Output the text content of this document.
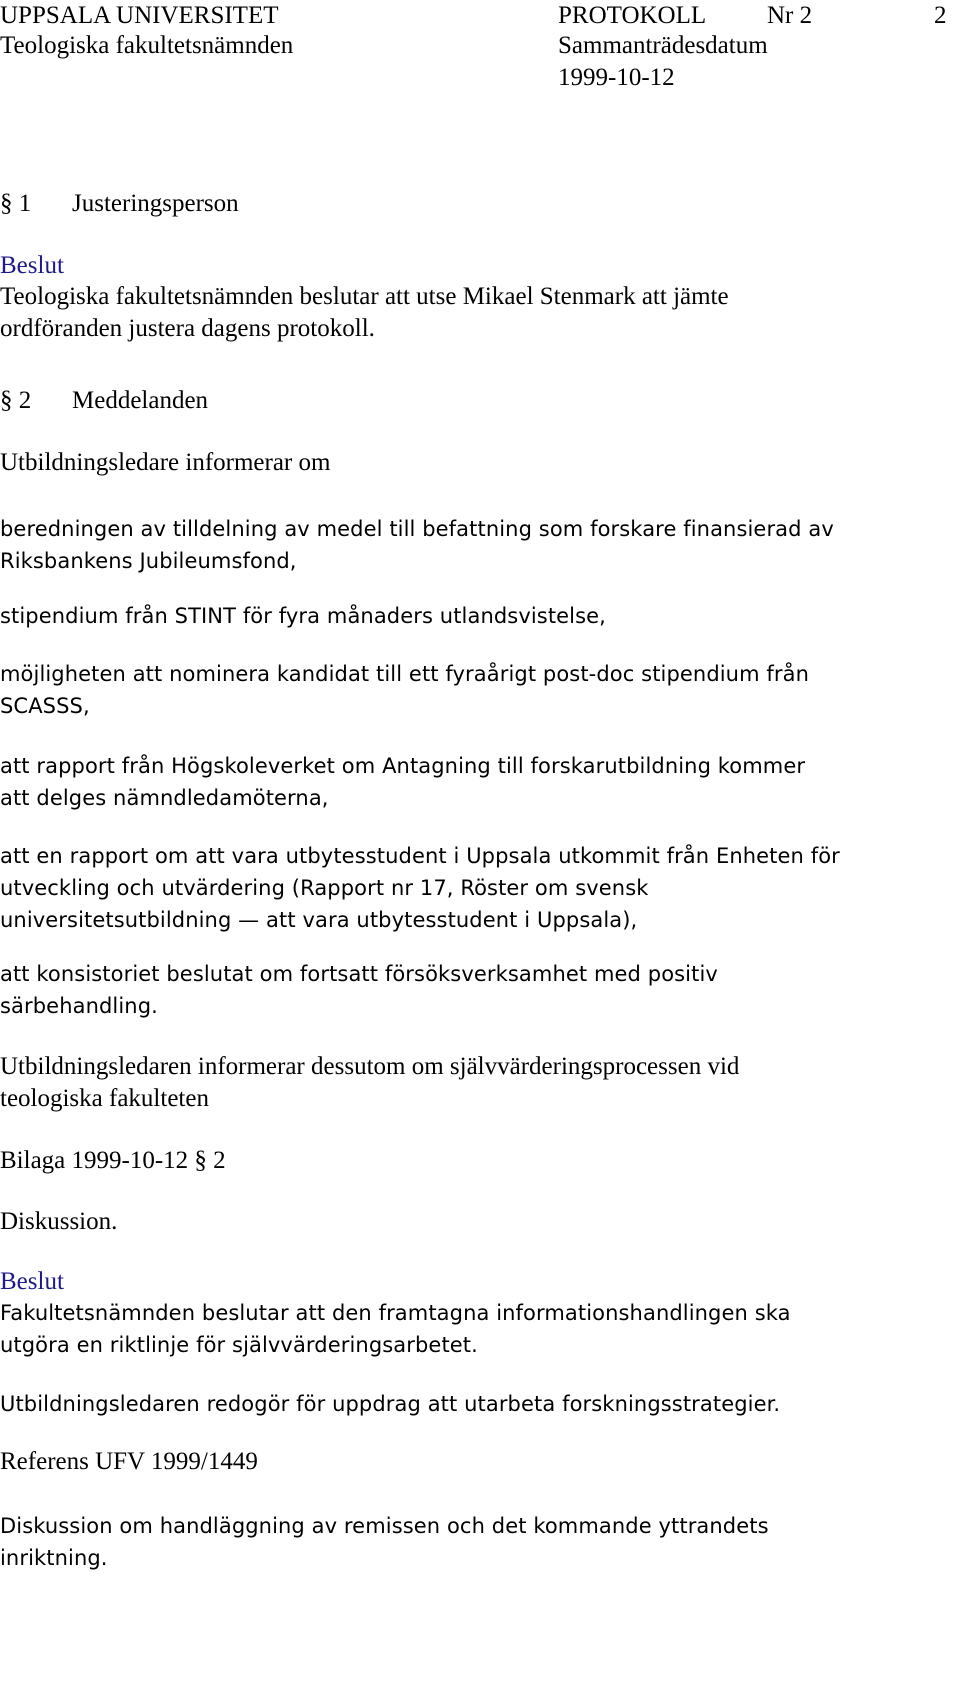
UPPSALA UNIVERSITET
Teologiska fakultetsnämnden
PROTOKOLL Nr 2	2
Sammanträdesdatum
1999-10-12
§ 1 Justeringsperson
Beslut
Teologiska fakultetsnämnden beslutar att utse Mikael Stenmark att jämte
ordföranden justera dagens protokoll.
§ 2 Meddelanden
Utbildningsledare informerar om
beredningen av tilldelning av medel till befattning som forskare finansierad av
Riksbankens Jubileumsfond,
stipendium från STINT för fyra månaders utlandsvistelse,
möjligheten att nominera kandidat till ett fyraårigt post-doc stipendium från
SCASSS,
att rapport från Högskoleverket om Antagning till forskarutbildning kommer
att delges nämndledamöterna,
att en rapport om att vara utbytesstudent i Uppsala utkommit från Enheten för
utveckling och utvärdering (Rapport nr 17, Röster om svensk
universitetsutbildning — att vara utbytesstudent i Uppsala),
att konsistoriet beslutat om fortsatt försöksverksamhet med positiv
särbehandling.
Utbildningsledaren informerar dessutom om självvärderingsprocessen vid
teologiska fakulteten
Bilaga 1999-10-12 § 2
Diskussion.
Beslut
Fakultetsnämnden beslutar att den framtagna informationshandlingen ska
utgöra en riktlinje för självvärderingsarbetet.
Utbildningsledaren redogör för uppdrag att utarbeta forskningsstrategier.
Referens UFV 1999/1449
Diskussion om handläggning av remissen och det kommande yttrandets
inriktning.
